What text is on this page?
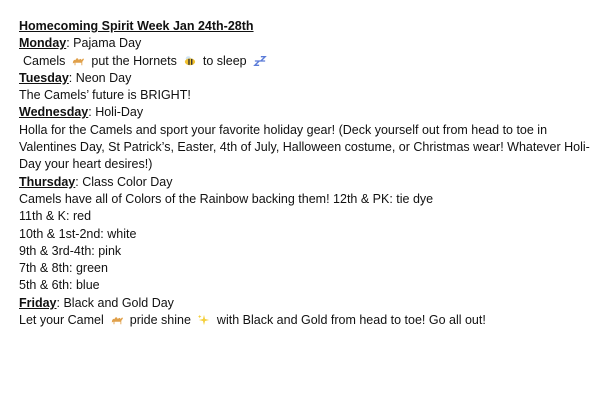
Homecoming Spirit Week Jan 24th-28th
Monday: Pajama Day
Camels put the Hornets to sleep
Tuesday: Neon Day
The Camels’ future is BRIGHT!
Wednesday: Holi-Day
Holla for the Camels and sport your favorite holiday gear! (Deck yourself out from head to toe in Valentines Day, St Patrick’s, Easter, 4th of July, Halloween costume, or Christmas wear! Whatever Holi-Day your heart desires!)
Thursday: Class Color Day
Camels have all of Colors of the Rainbow backing them! 12th & PK: tie dye
11th & K: red
10th & 1st-2nd: white
9th & 3rd-4th: pink
7th & 8th: green
5th & 6th: blue
Friday: Black and Gold Day
Let your Camel pride shine with Black and Gold from head to toe! Go all out!
